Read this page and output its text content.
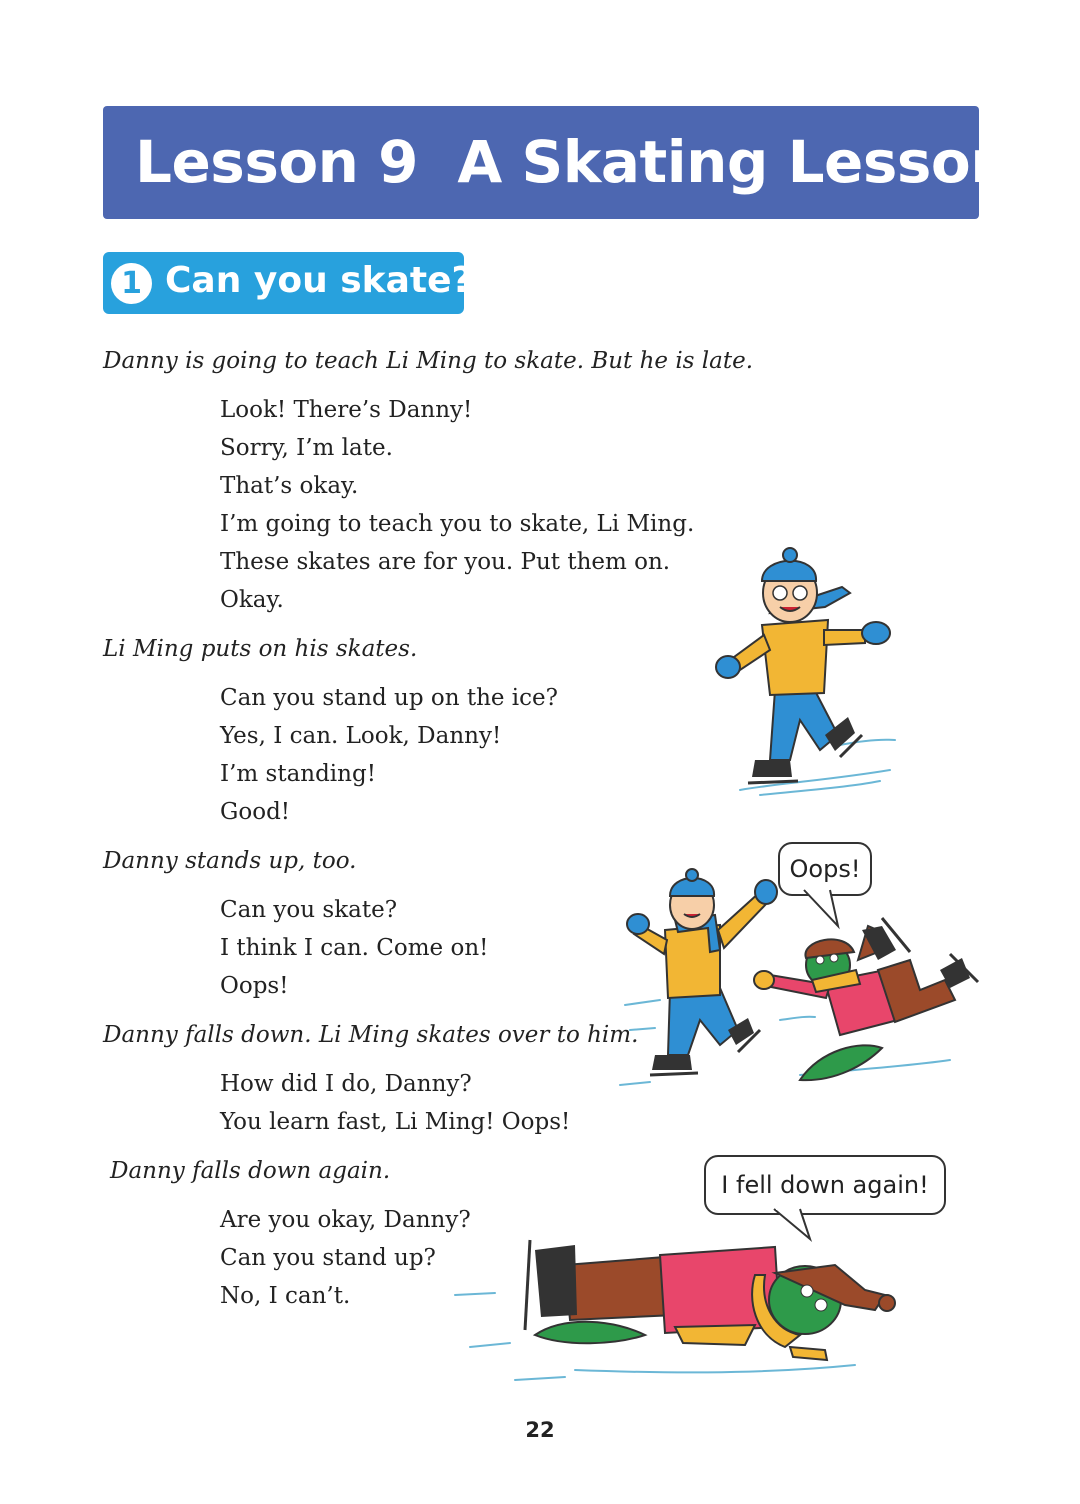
Lesson 9  A Skating Lesson
1 Can you skate?
Danny is going to teach Li Ming to skate. But he is late.
Look! There’s Danny!
Sorry, I’m late.
That’s okay.
I’m going to teach you to skate, Li Ming.
These skates are for you. Put them on.
Okay.
Li Ming puts on his skates.
Can you stand up on the ice?
Yes, I can. Look, Danny!
I’m standing!
Good!
Danny stands up, too.
Can you skate?
I think I can. Come on!
Oops!
Danny falls down. Li Ming skates over to him.
How did I do, Danny?
You learn fast, Li Ming! Oops!
Danny falls down again.
Are you okay, Danny?
Can you stand up?
No, I can’t.
Oops!
I fell down again!
22
